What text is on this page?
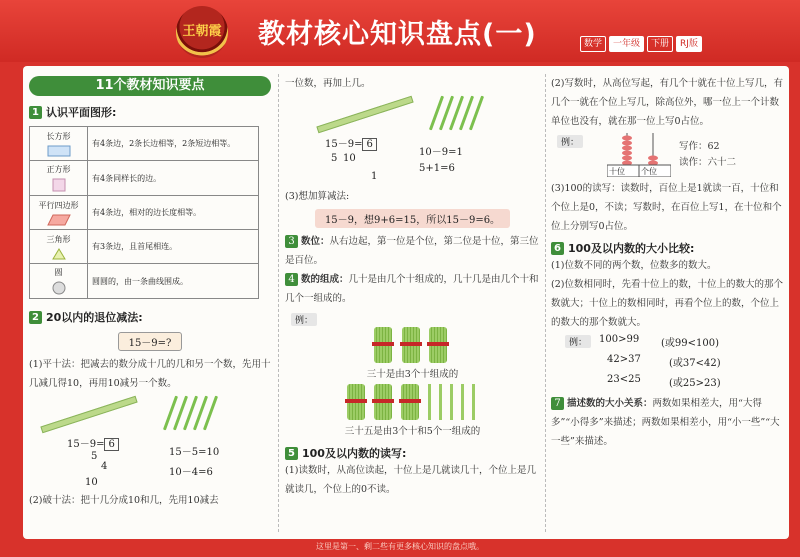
王朝霞 教材核心知识盘点(一)	数学	一年级	下册	RJ版
11个教材知识要点
1 认识平面图形:
长方形	有4条边，2条长边相等，2条短边相等。
正方形	有4条同样长的边。
平行四边形	有4条边，相对的边长度相等。
三角形	有3条边，且首尾相连。
圆	圆圆的，由一条曲线围成。
2 20以内的退位减法:
15－9=?
(1)平十法：把减去的数分成十几的几和另一个数，先用十几减几得10，再用10减另一个数。
15－9= 6
5
4
10
15－5=10
10－4=6
(2)破十法：把十几分成10和几，先用10减去
一位数，再加上几。
15－9= 6
5 10
1
10－9=1
5+1=6
(3)想加算减法:
15－9，想9+6=15，所以15－9=6。
3 数位：从右边起，第一位是个位，第二位是十位，第三位是百位。
4 数的组成：几十是由几个十组成的，几十几是由几个十和几个一组成的。
例：

三十是由3个十组成的

三十五是由3个十和5个一组成的
5 100及以内数的读写:
(1)读数时，从高位读起，十位上是几就读几十，个位上是几就读几，个位上的0不读。
(2)写数时，从高位写起，有几个十就在十位上写几，有几个一就在个位上写几，除高位外，哪一位上一个计数单位也没有，就在那一位上写0占位。
例：
十位 个位
写作：62
读作：六十二
(3)100的读写：读数时，百位上是1就读一百，十位和个位上是0，不读；写数时，在百位上写1，在十位和个位上分别写0占位。
6 100及以内数的大小比较:
(1)位数不同的两个数，位数多的数大。
(2)位数相同时，先看十位上的数，十位上的数大的那个数就大；十位上的数相同时，再看个位上的数，个位上的数大的那个数就大。
例：	100>99 (或99<100)
42>37	(或37<42)
23<25	(或25>23)
7 描述数的大小关系：两数如果相差大，用“大得多”“小得多”来描述；两数如果相差小，用“小一些”“大一些”来描述。
这里是第一、剩二些有更多核心知识的盘点哦。
